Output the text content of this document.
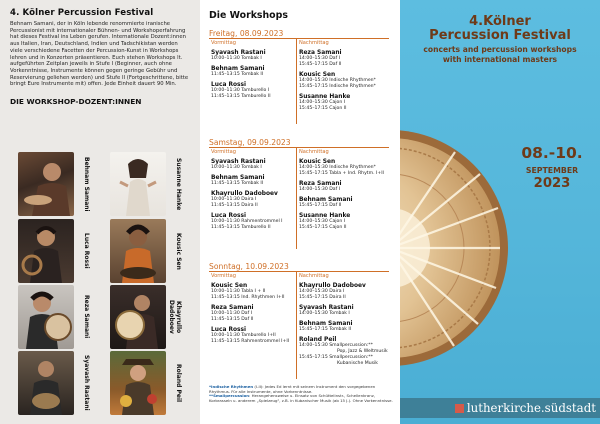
4. Kölner Percussion Festival
Behnam Samani, der in Köln lebende renommierte iranische Percussionist mit internationaler Bühnen- und Workshoperfahrung hat dieses Festival ins Leben gerufen. Internationale Dozent:innen aus Italien, Iran, Deutschland, Indien und Tadschikistan werden viele verschiedene Facetten der Percussion-Kunst in Workshops lehren und in Konzerten präsentieren. Euch stehen Workshops lt. aufgeführten Zeitplan jeweils in Stufe I (Beginner, auch ohne Vorkenntnisse, Instrumente können gegen geringe Gebühr und Reservierung geliehen werden) und Stufe II (Fortgeschrittene, bitte bringt Eure Instrumente mit) offen. Jede Einheit dauert 90 Min.
DIE WORKSHOP-DOZENT:INNEN
Behnam Samani	Susanne Hanke
Luca Rossi	Kousic Sen
Reza Samani	Khayrullo Dadoboev
Syavash Rastani	Roland Peil
Die Workshops
Freitag, 08.09.2023
Vormittag
Syavash Rastani
10:00–11:30 Tombak I
Behnam Samani
11:45–13:15 Tombak II
Luca Rossi
10:00–11:30 Tamburello I
11:45–13:15 Tamburello II
Nachmittag
Reza Samani
14:00–15:30 Daf I
15:45–17:15 Daf II
Kousic Sen
14:00–15:30 Indische Rhythmen*
15:45–17:15 Indische Rhythmen*
Susanne Hanke
14:00–15:30 Cajon I
15:45–17:15 Cajon II
Samstag, 09.09.2023
Vormittag
Syavash Rastani
10:00–11:30 Tombak I
Behnam Samani
11:45–13:15 Tombak II
Khayrullo Dadoboev
10:00–11:30 Daira I
11:45–13:15 Daira II
Luca Rossi
10:00–11:30 Rahmentrommel I
11:45–13:15 Tamburello II
Nachmittag
Kousic Sen
14:00–15:30 Indische Rhythmen*
15:45–17:15 Tabla + Ind. Rhytm. I+II
Reza Samani
14:00–15:30 Daf I
Behnam Samani
15:45–17:15 Daf II
Susanne Hanke
14:00–15:30 Cajon I
15:45–17:15 Cajon II
Sonntag, 10.09.2023
Vormittag
Kousic Sen
10:00–11:30 Tabla I + II
11:45–13:15 Ind. Rhythmen I+II
Reza Samani
10:00–11:30 Daf I
11:45–13:15 Daf II
Luca Rossi
10:00–11:30 Tamburello I+II
11:45–13:15 Rahmentrommel I+II
Nachmittag
Khayrullo Dadoboev
14:00–15:30 Daira I
15:45–17:15 Daira II
Syavash Rastani
14:00–15:30 Tombak I
Behnam Samani
15:45–17:15 Tombak II
Roland Peil
14:00–15:30 Smallpercussion:**
Pop, Jazz & Weltmusik
15:45–17:15 Smallpercussion:**
Kubanische Musik
*Indische Rhythmen (I-II): Jedes Ed lernt mit seinem Instrument den vorgegebenen Rhythmus. Für alle Instrumente, ohne Vorkenntnisse.
**Smallpercussion: Herangehensweise u. Einsatz von Schüttelinstr., Schellenkranz, Korbrasseln u. anderem „Spielzeug", z.B. in Kubanischer Musik (ab 15 J.). Ohne Vorkenntnisse.
4.Kölner
Percussion Festival
concerts and percussion workshops
with international masters
08.-10.
SEPTEMBER
2023
lutherkirche.südstadt
